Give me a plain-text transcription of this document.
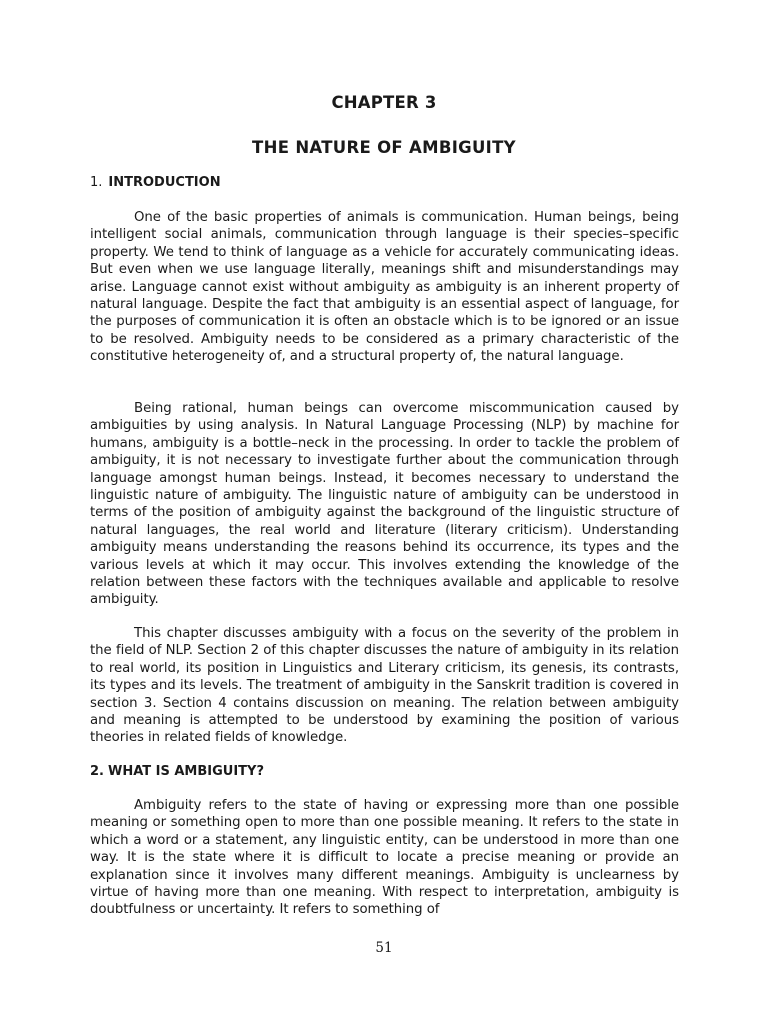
CHAPTER 3
THE NATURE OF AMBIGUITY
1. INTRODUCTION

One of the basic properties of animals is communication. Human beings, being intelligent social animals, communication through language is their species–specific property. We tend to think of language as a vehicle for accurately communicating ideas. But even when we use language literally, meanings shift and misunderstandings may arise. Language cannot exist without ambiguity as ambiguity is an inherent property of natural language. Despite the fact that ambiguity is an essential aspect of language, for the purposes of communication it is often an obstacle which is to be ignored or an issue to be resolved. Ambiguity needs to be considered as a primary characteristic of the constitutive heterogeneity of, and a structural property of, the natural language.

Being rational, human beings can overcome miscommunication caused by ambiguities by using analysis. In Natural Language Processing (NLP) by machine for humans, ambiguity is a bottle–neck in the processing. In order to tackle the problem of ambiguity, it is not necessary to investigate further about the communication through language amongst human beings. Instead, it becomes necessary to understand the linguistic nature of ambiguity. The linguistic nature of ambiguity can be understood in terms of the position of ambiguity against the background of the linguistic structure of natural languages, the real world and literature (literary criticism). Understanding ambiguity means understanding the reasons behind its occurrence, its types and the various levels at which it may occur. This involves extending the knowledge of the relation between these factors with the techniques available and applicable to resolve ambiguity.

This chapter discusses ambiguity with a focus on the severity of the problem in the field of NLP. Section 2 of this chapter discusses the nature of ambiguity in its relation to real world, its position in Linguistics and Literary criticism, its genesis, its contrasts, its types and its levels. The treatment of ambiguity in the Sanskrit tradition is covered in section 3. Section 4 contains discussion on meaning. The relation between ambiguity and meaning is attempted to be understood by examining the position of various theories in related fields of knowledge.

2. WHAT IS AMBIGUITY?

Ambiguity refers to the state of having or expressing more than one possible meaning or something open to more than one possible meaning. It refers to the state in which a word or a statement, any linguistic entity, can be understood in more than one way. It is the state where it is difficult to locate a precise meaning or provide an explanation since it involves many different meanings. Ambiguity is unclearness by virtue of having more than one meaning. With respect to interpretation, ambiguity is doubtfulness or uncertainty. It refers to something of

51
